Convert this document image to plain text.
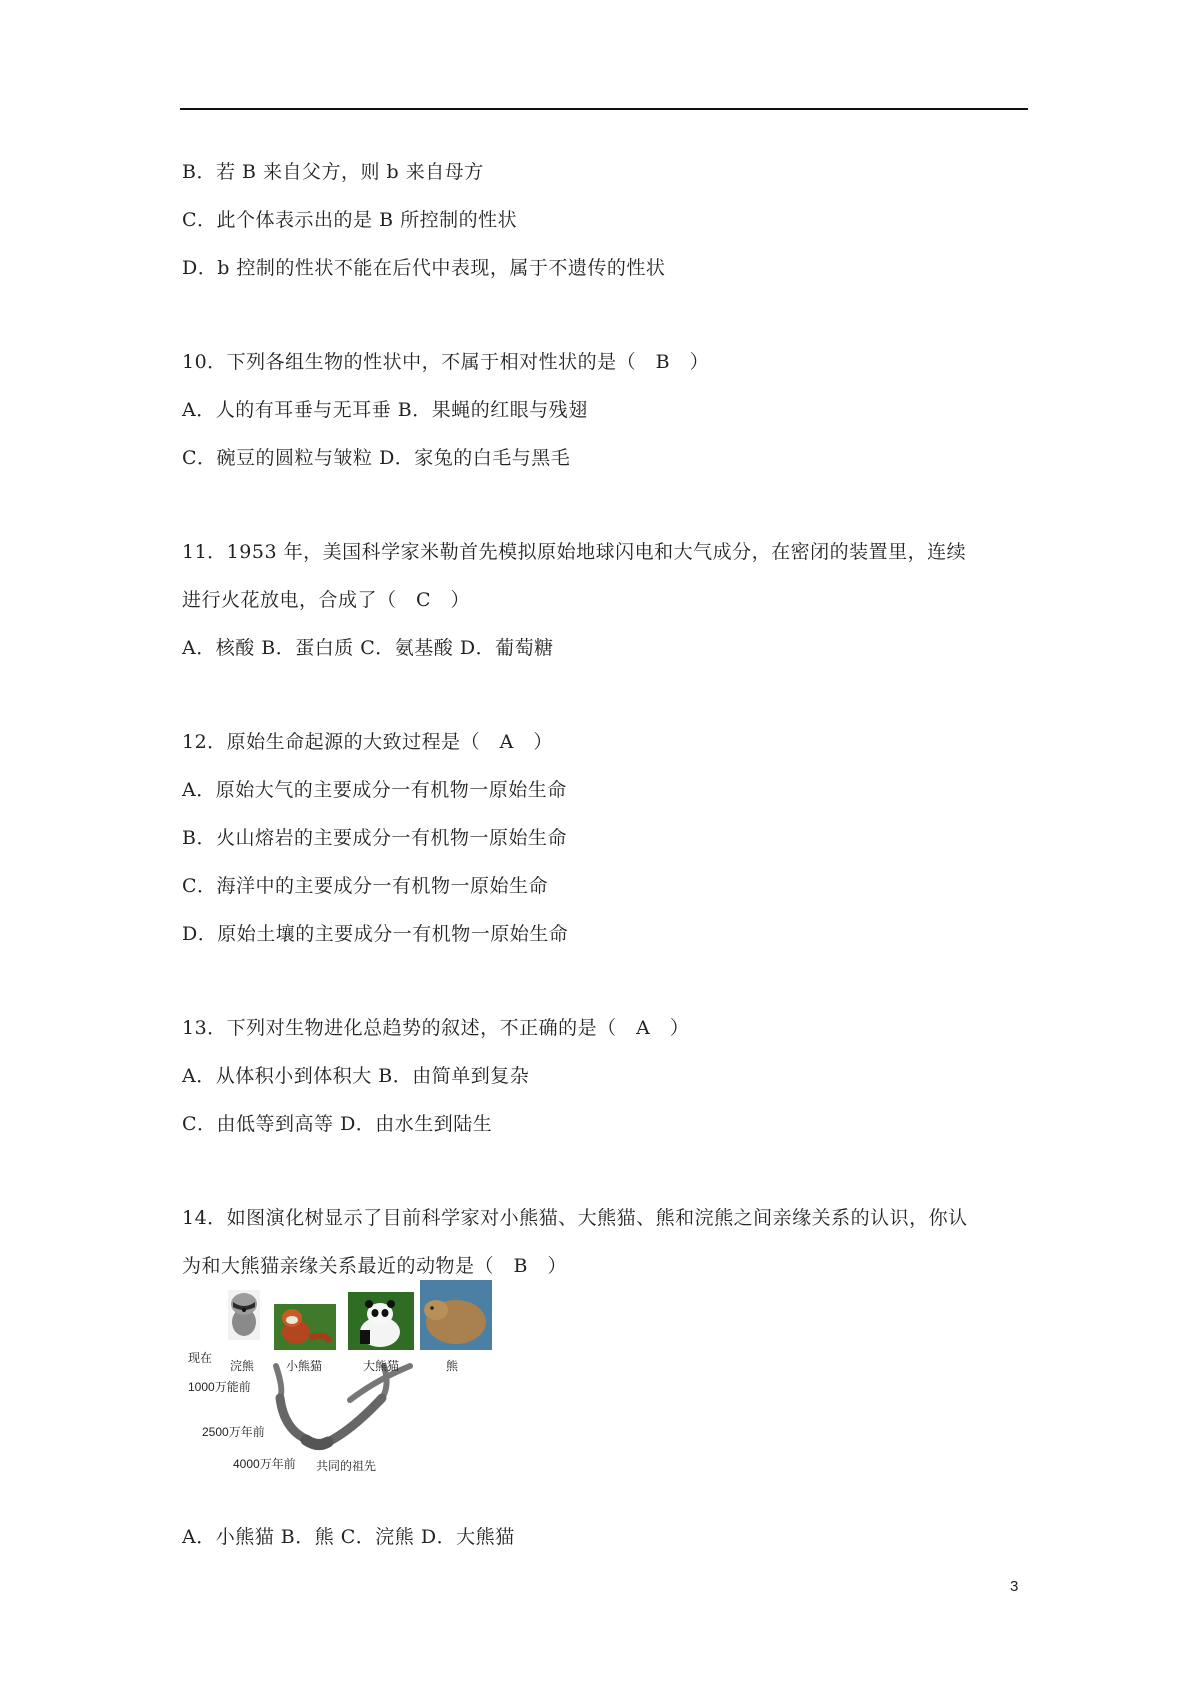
B．若 B 来自父方，则 b 来自母方
C．此个体表示出的是 B 所控制的性状
D．b 控制的性状不能在后代中表现，属于不遗传的性状
10．下列各组生物的性状中，不属于相对性状的是（　B　）
A．人的有耳垂与无耳垂 B．果蝇的红眼与残翅
C．碗豆的圆粒与皱粒 D．家兔的白毛与黑毛
11．1953 年，美国科学家米勒首先模拟原始地球闪电和大气成分，在密闭的装置里，连续
进行火花放电，合成了（　C　）
A．核酸 B．蛋白质 C．氨基酸 D．葡萄糖
12．原始生命起源的大致过程是（　A　）
A．原始大气的主要成分一有机物一原始生命
B．火山熔岩的主要成分一有机物一原始生命
C．海洋中的主要成分一有机物一原始生命
D．原始土壤的主要成分一有机物一原始生命
13．下列对生物进化总趋势的叙述，不正确的是（　A　）
A．从体积小到体积大 B．由简单到复杂
C．由低等到高等 D．由水生到陆生
14．如图演化树显示了目前科学家对小熊猫、大熊猫、熊和浣熊之间亲缘关系的认识，你认
为和大熊猫亲缘关系最近的动物是（　B　）
现在
浣熊	小熊猫	大熊猫	熊
1000万能前
2500万年前
4000万年前 共同的祖先
A．小熊猫 B．熊 C．浣熊 D．大熊猫
3
